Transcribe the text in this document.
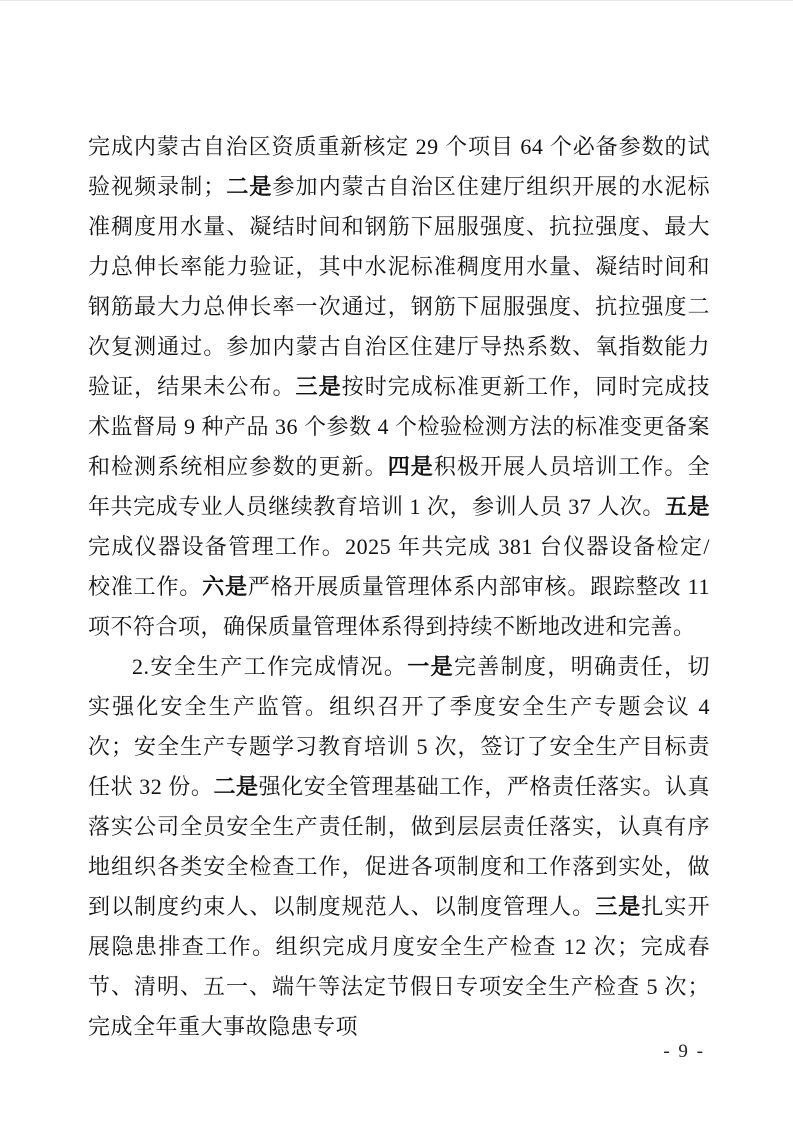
完成内蒙古自治区资质重新核定 29 个项目 64 个必备参数的试验视频录制；二是参加内蒙古自治区住建厅组织开展的水泥标准稠度用水量、凝结时间和钢筋下屈服强度、抗拉强度、最大力总伸长率能力验证，其中水泥标准稠度用水量、凝结时间和钢筋最大力总伸长率一次通过，钢筋下屈服强度、抗拉强度二次复测通过。参加内蒙古自治区住建厅导热系数、氧指数能力验证，结果未公布。三是按时完成标准更新工作，同时完成技术监督局 9 种产品 36 个参数 4 个检验检测方法的标准变更备案和检测系统相应参数的更新。四是积极开展人员培训工作。全年共完成专业人员继续教育培训 1 次，参训人员 37 人次。五是完成仪器设备管理工作。2025 年共完成 381 台仪器设备检定/校准工作。六是严格开展质量管理体系内部审核。跟踪整改 11 项不符合项，确保质量管理体系得到持续不断地改进和完善。

2.安全生产工作完成情况。一是完善制度，明确责任，切实强化安全生产监管。组织召开了季度安全生产专题会议 4 次；安全生产专题学习教育培训 5 次，签订了安全生产目标责任状 32 份。二是强化安全管理基础工作，严格责任落实。认真落实公司全员安全生产责任制，做到层层责任落实，认真有序地组织各类安全检查工作，促进各项制度和工作落到实处，做到以制度约束人、以制度规范人、以制度管理人。三是扎实开展隐患排查工作。组织完成月度安全生产检查 12 次；完成春节、清明、五一、端午等法定节假日专项安全生产检查 5 次；完成全年重大事故隐患专项

- 9 -
